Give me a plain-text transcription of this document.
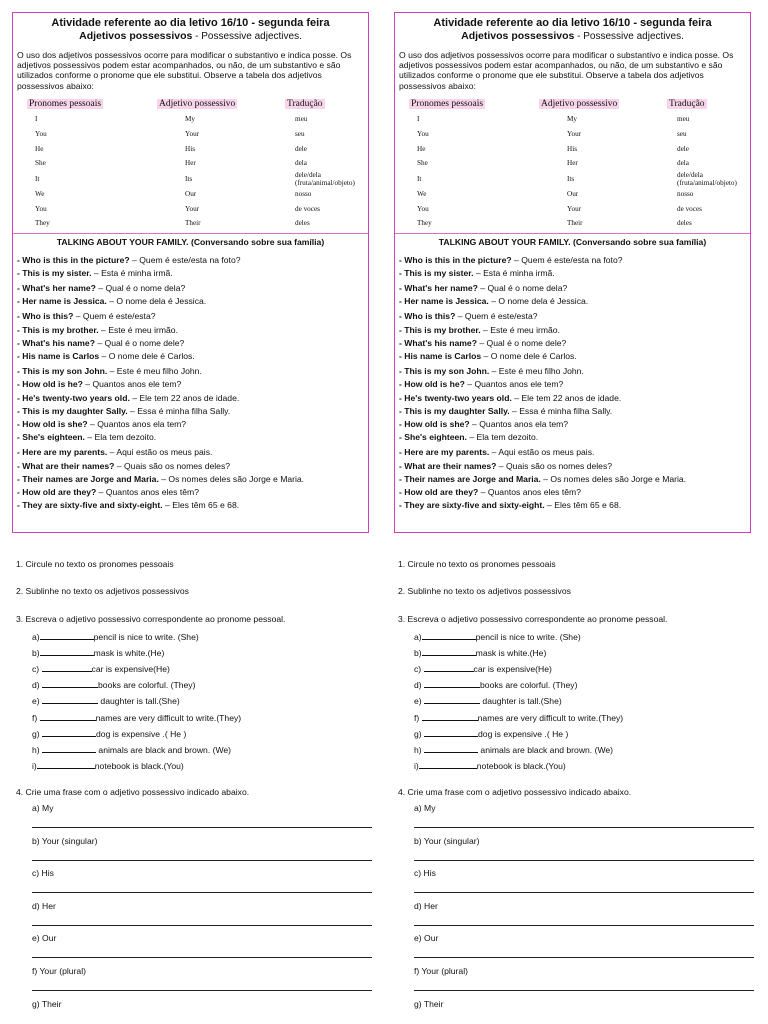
Atividade referente ao dia letivo 16/10 - segunda feira
Adjetivos possessivos - Possessive adjectives.
O uso dos adjetivos possessivos ocorre para modificar o substantivo e indica posse. Os adjetivos possessivos podem estar acompanhados, ou não, de um substantivo e são utilizados conforme o pronome que ele substitui. Observe a tabela dos adjetivos possessivos abaixo:
Pronomes pessoais	Adjetivo possessivo	Tradução
I	My	meu
You	Your	seu
He	His	dele
She	Her	dela
It	Its	dele/dela (fruta/animal/objeto)
We	Our	nosso
You	Your	de voces
They	Their	deles
TALKING ABOUT YOUR FAMILY. (Conversando sobre sua família)
- Who is this in the picture? – Quem é este/esta na foto?
- This is my sister. – Esta é minha irmã.
- What's her name? – Qual é o nome dela?
- Her name is Jessica. – O nome dela é Jessica.
- Who is this? – Quem é este/esta?
- This is my brother. – Este é meu irmão.
- What's his name? – Qual é o nome dele?
- His name is Carlos – O nome dele é Carlos.
- This is my son John. – Este é meu filho John.
- How old is he? – Quantos anos ele tem?
- He's twenty-two years old. – Ele tem 22 anos de idade.
- This is my daughter Sally. – Essa é minha filha Sally.
- How old is she? – Quantos anos ela tem?
- She's eighteen. – Ela tem dezoito.
- Here are my parents. – Aqui estão os meus pais.
- What are their names? – Quais são os nomes deles?
- Their names are Jorge and Maria. – Os nomes deles são Jorge e Maria.
- How old are they? – Quantos anos eles têm?
- They are sixty-five and sixty-eight. – Eles têm 65 e 68.
1. Circule no texto os pronomes pessoais
2. Sublinhe no texto os adjetivos possessivos
3. Escreva o adjetivo possessivo correspondente ao pronome pessoal.
a)	pencil is nice to write. (She)
b)	mask is white.(He)
c)	car is expensive(He)
d)	books are colorful. (They)
e)	daughter is tall.(She)
f)	names are very difficult to write.(They)
g)	dog is expensive .( He )
h)	animals are black and brown. (We)
i)	notebook is black.(You)
4. Crie uma frase com o adjetivo possessivo indicado abaixo.
a) My
b) Your (singular)
c) His
d) Her
e) Our
f) Your (plural)
g) Their
Atividade referente ao dia letivo 16/10 - segunda feira
Adjetivos possessivos - Possessive adjectives.
O uso dos adjetivos possessivos ocorre para modificar o substantivo e indica posse. Os adjetivos possessivos podem estar acompanhados, ou não, de um substantivo e são utilizados conforme o pronome que ele substitui. Observe a tabela dos adjetivos possessivos abaixo:
Pronomes pessoais	Adjetivo possessivo	Tradução
I	My	meu
You	Your	seu
He	His	dele
She	Her	dela
It	Its	dele/dela (fruta/animal/objeto)
We	Our	nosso
You	Your	de voces
They	Their	deles
TALKING ABOUT YOUR FAMILY. (Conversando sobre sua família)
- Who is this in the picture? – Quem é este/esta na foto?
- This is my sister. – Esta é minha irmã.
- What's her name? – Qual é o nome dela?
- Her name is Jessica. – O nome dela é Jessica.
- Who is this? – Quem é este/esta?
- This is my brother. – Este é meu irmão.
- What's his name? – Qual é o nome dele?
- His name is Carlos – O nome dele é Carlos.
- This is my son John. – Este é meu filho John.
- How old is he? – Quantos anos ele tem?
- He's twenty-two years old. – Ele tem 22 anos de idade.
- This is my daughter Sally. – Essa é minha filha Sally.
- How old is she? – Quantos anos ela tem?
- She's eighteen. – Ela tem dezoito.
- Here are my parents. – Aqui estão os meus pais.
- What are their names? – Quais são os nomes deles?
- Their names are Jorge and Maria. – Os nomes deles são Jorge e Maria.
- How old are they? – Quantos anos eles têm?
- They are sixty-five and sixty-eight. – Eles têm 65 e 68.
1. Circule no texto os pronomes pessoais
2. Sublinhe no texto os adjetivos possessivos
3. Escreva o adjetivo possessivo correspondente ao pronome pessoal.
a)	pencil is nice to write. (She)
b)	mask is white.(He)
c)	car is expensive(He)
d)	books are colorful. (They)
e)	daughter is tall.(She)
f)	names are very difficult to write.(They)
g)	dog is expensive .( He )
h)	animals are black and brown. (We)
i)	notebook is black.(You)
4. Crie uma frase com o adjetivo possessivo indicado abaixo.
a) My
b) Your (singular)
c) His
d) Her
e) Our
f) Your (plural)
g) Their
